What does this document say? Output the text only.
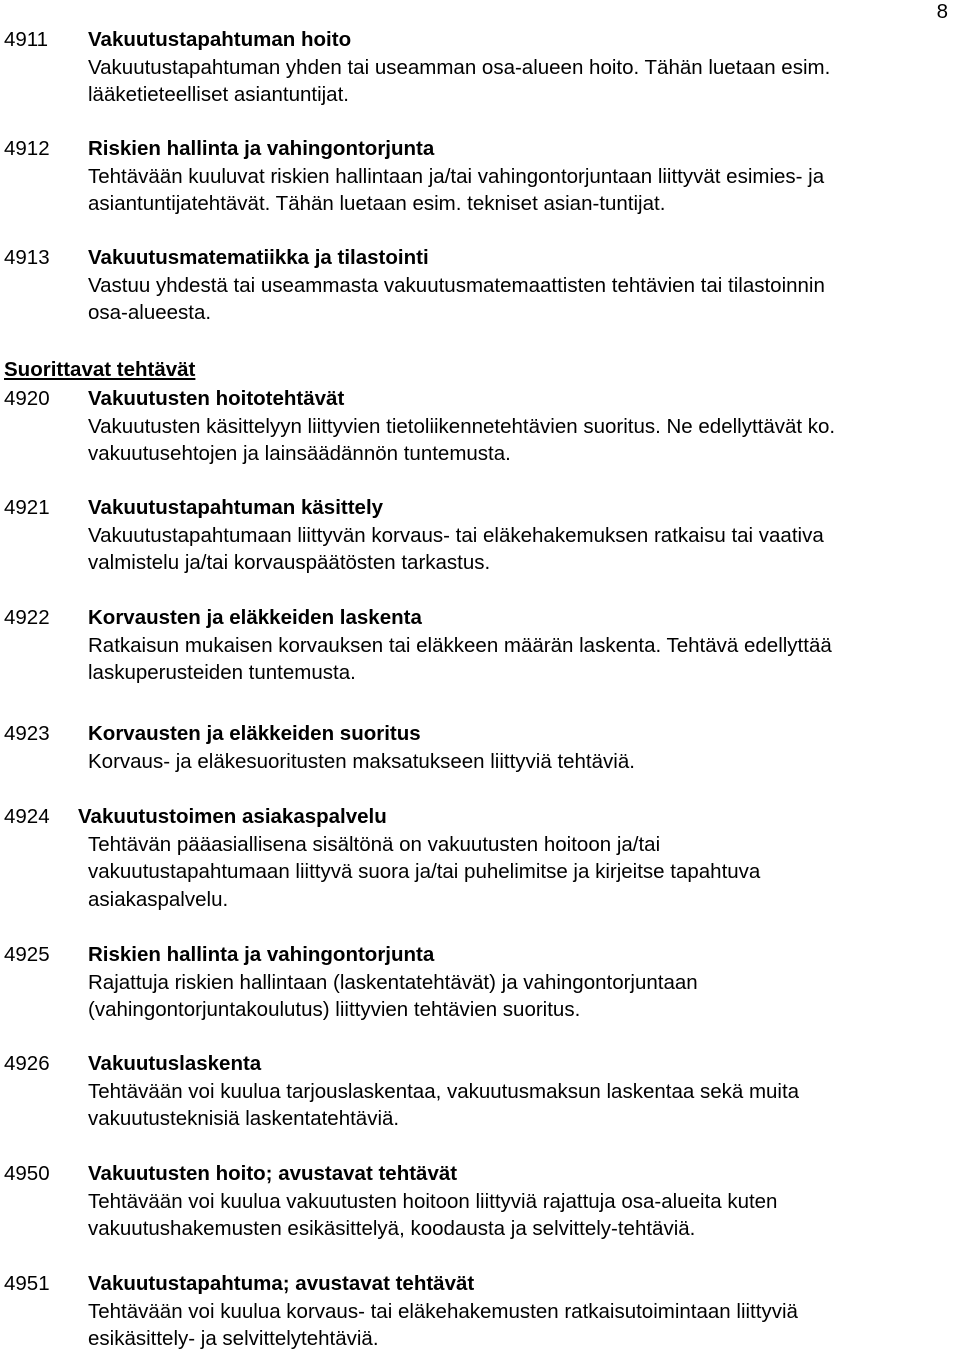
8
Suorittavat tehtävät
4911 Vakuutustapahtuman hoito
Vakuutustapahtuman yhden tai useamman osa-alueen hoito. Tähän luetaan esim.
lääketieteelliset asiantuntijat.
4912 Riskien hallinta ja vahingontorjunta
Tehtävään kuuluvat riskien hallintaan ja/tai vahingontorjuntaan liittyvät esimies- ja
asiantuntijatehtävät. Tähän luetaan esim. tekniset asian-tuntijat.
4913 Vakuutusmatematiikka ja tilastointi
Vastuu yhdestä tai useammasta vakuutusmatemaattisten tehtävien tai tilastoinnin
osa-alueesta.
4920 Vakuutusten hoitotehtävät
Vakuutusten käsittelyyn liittyvien tietoliikennetehtävien suoritus. Ne edellyttävät ko.
vakuutusehtojen ja lainsäädännön tuntemusta.
4921 Vakuutustapahtuman käsittely
Vakuutustapahtumaan liittyvän korvaus- tai eläkehakemuksen ratkaisu tai vaativa
valmistelu ja/tai korvauspäätösten tarkastus.
4922 Korvausten ja eläkkeiden laskenta
Ratkaisun mukaisen korvauksen tai eläkkeen määrän laskenta. Tehtävä edellyttää
laskuperusteiden tuntemusta.
4923 Korvausten ja eläkkeiden suoritus
Korvaus- ja eläkesuoritusten maksatukseen liittyviä tehtäviä.
4924 Vakuutustoimen asiakaspalvelu
Tehtävän pääasiallisena sisältönä on vakuutusten hoitoon ja/tai
vakuutustapahtumaan liittyvä suora ja/tai puhelimitse ja kirjeitse tapahtuva
asiakaspalvelu.
4925 Riskien hallinta ja vahingontorjunta
Rajattuja riskien hallintaan (laskentatehtävät) ja vahingontorjuntaan
(vahingontorjuntakoulutus) liittyvien tehtävien suoritus.
4926 Vakuutuslaskenta
Tehtävään voi kuulua tarjouslaskentaa, vakuutusmaksun laskentaa sekä muita
vakuutusteknisiä laskentatehtäviä.
4950 Vakuutusten hoito; avustavat tehtävät
Tehtävään voi kuulua vakuutusten hoitoon liittyviä rajattuja osa-alueita kuten
vakuutushakemusten esikäsittelyä, koodausta ja selvittely-tehtäviä.
4951 Vakuutustapahtuma; avustavat tehtävät
Tehtävään voi kuulua korvaus- tai eläkehakemusten ratkaisutoimintaan liittyviä
esikäsittely- ja selvittelytehtäviä.
